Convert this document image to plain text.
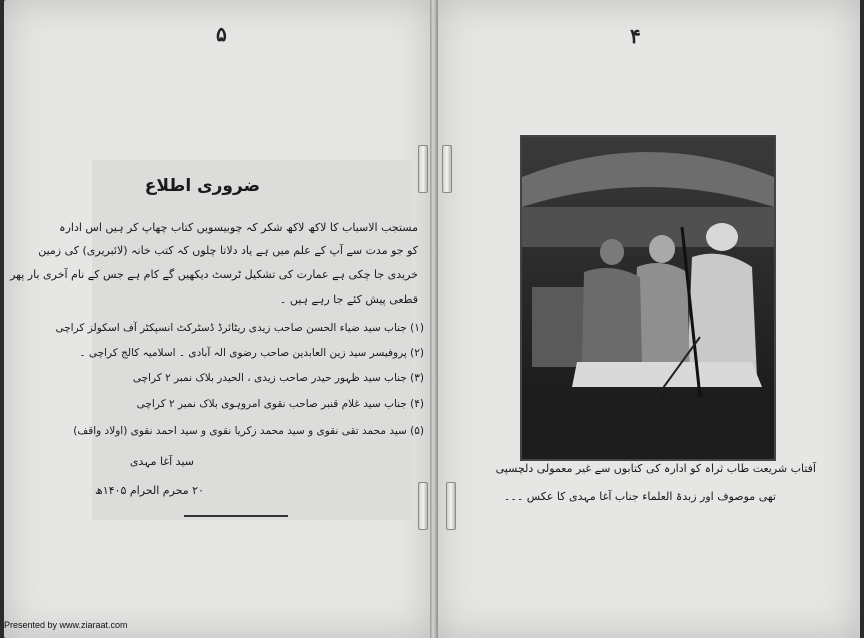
۵	۴
ضروری اطلاع
مستجب الاسباب کا لاکھ لاکھ شکر کہ چوبیسویں کتاب چھاپ کر ہیں اس ادارہ
کو جو مدت سے آپ کے علم میں ہے یاد دلاتا چلوں کہ کتب خانہ (لائبریری) کی زمین
خریدی جا چکی ہے عمارت کی تشکیل ٹرسٹ دیکھیں گے کام ہے جس کے نام آخری بار پھر
قطعی پیش کئے جا رہے ہیں ۔
(۱) جناب سید ضیاء الحسن صاحب زیدی ریٹائرڈ ڈسٹرکٹ انسپکٹر آف اسکولز کراچی
(۲) پروفیسر سید زین العابدین صاحب رضوی الہ آبادی ۔ اسلامیہ کالج کراچی ۔
(۳) جناب سید ظہور حیدر صاحب زیدی ، الحیدر بلاک نمبر ۲ کراچی
(۴) جناب سید غلام قنبر صاحب نقوی امروہوی بلاک نمبر ۲ کراچی
(۵) سید محمد تقی نقوی و سید محمد زکریا نقوی و سید احمد نقوی (اولاد واقف)
سید آغا مہدی
۲۰ محرم الحرام ۱۴۰۵ھ
آفتاب شریعت طاب ثراہ کو ادارہ کی کتابوں سے غیر معمولی دلچسپی
تھی موصوف اور زبدۃ العلماء جناب آغا مہدی کا عکس ۔۔۔
Presented by www.ziaraat.com
